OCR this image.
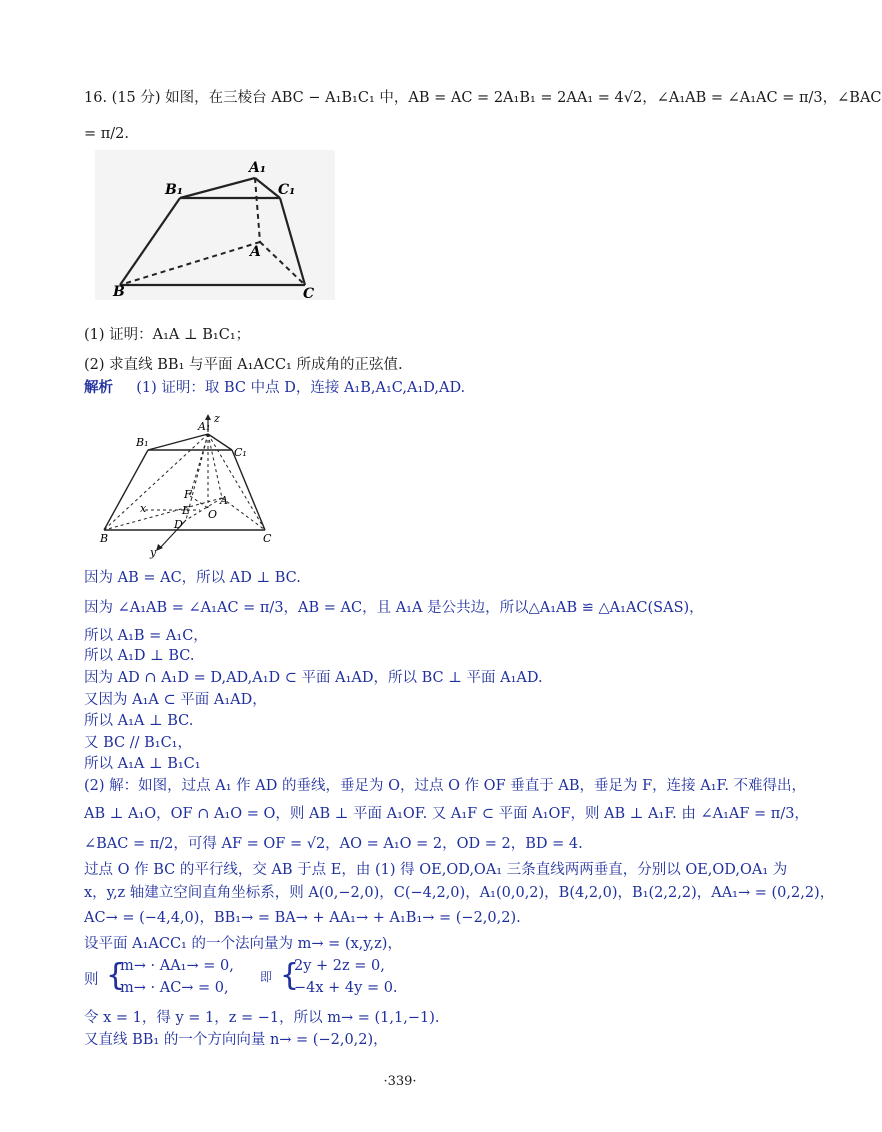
16. (15 分) 如图，在三棱台 ABC − A₁B₁C₁ 中，AB = AC = 2A₁B₁ = 2AA₁ = 4√2，∠A₁AB = ∠A₁AC = π/3，∠BAC
= π/2.
A₁
B₁	C₁
A
B	C
(1) 证明：A₁A ⊥ B₁C₁；
(2) 求直线 BB₁ 与平面 A₁ACC₁ 所成角的正弦值.
解析 (1) 证明：取 BC 中点 D，连接 A₁B,A₁C,A₁D,AD.
A₁
z
B₁
C₁
F	A
x	E O
D
B	C
y
因为 AB = AC，所以 AD ⊥ BC.
因为 ∠A₁AB = ∠A₁AC = π/3，AB = AC，且 A₁A 是公共边，所以△A₁AB ≌ △A₁AC(SAS)，
所以 A₁B = A₁C，
所以 A₁D ⊥ BC.
因为 AD ∩ A₁D = D,AD,A₁D ⊂ 平面 A₁AD，所以 BC ⊥ 平面 A₁AD.
又因为 A₁A ⊂ 平面 A₁AD，
所以 A₁A ⊥ BC.
又 BC // B₁C₁，
所以 A₁A ⊥ B₁C₁
(2) 解：如图，过点 A₁ 作 AD 的垂线，垂足为 O，过点 O 作 OF 垂直于 AB，垂足为 F，连接 A₁F. 不难得出，
AB ⊥ A₁O，OF ∩ A₁O = O，则 AB ⊥ 平面 A₁OF. 又 A₁F ⊂ 平面 A₁OF，则 AB ⊥ A₁F. 由 ∠A₁AF = π/3，
∠BAC = π/2，可得 AF = OF = √2，AO = A₁O = 2，OD = 2，BD = 4.
过点 O 作 BC 的平行线，交 AB 于点 E，由 (1) 得 OE,OD,OA₁ 三条直线两两垂直，分别以 OE,OD,OA₁ 为
x，y,z 轴建立空间直角坐标系，则 A(0,−2,0)，C(−4,2,0)，A₁(0,0,2)，B(4,2,0)，B₁(2,2,2)，AA₁→ = (0,2,2)，
AC→ = (−4,4,0)，BB₁→ = BA→ + AA₁→ + A₁B₁→ = (−2,0,2).
设平面 A₁ACC₁ 的一个法向量为 m→ = (x,y,z)，
则 {
m→ · AA₁→ = 0,
m→ · AC→ = 0,
即 {
2y + 2z = 0,
−4x + 4y = 0.
令 x = 1，得 y = 1，z = −1，所以 m→ = (1,1,−1).
又直线 BB₁ 的一个方向向量 n→ = (−2,0,2)，
·339·
